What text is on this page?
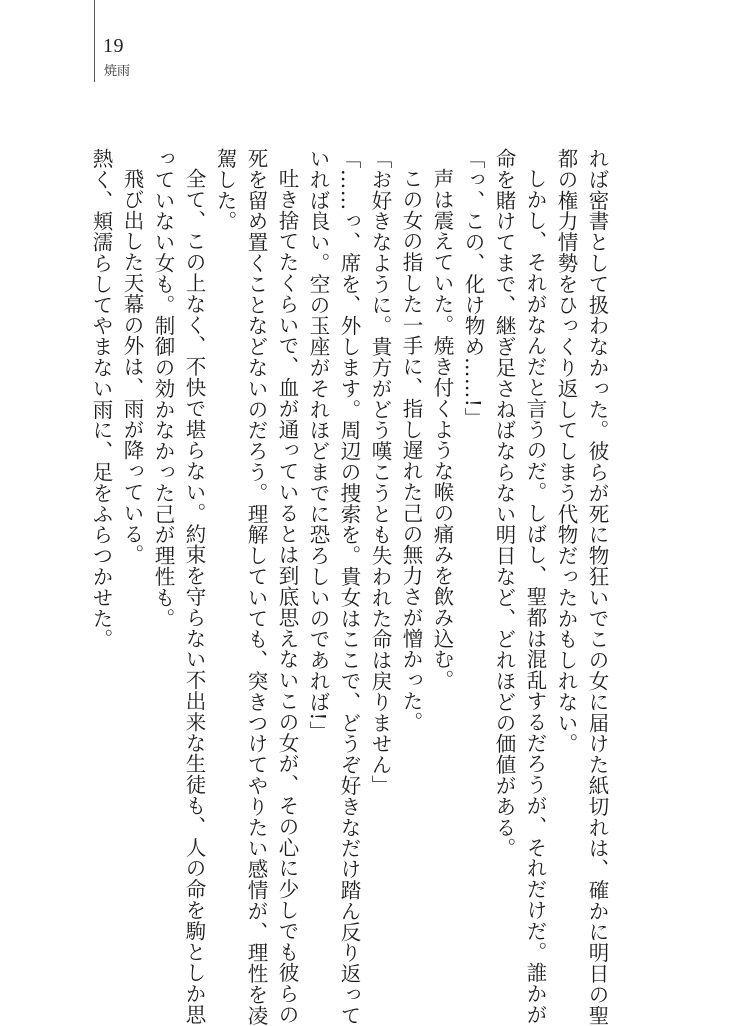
19
焼雨
れば密書として扱わなかった。彼らが死に物狂いでこの女に届けた紙切れは、確かに明日の聖
都の権力情勢をひっくり返してしまう代物だったかもしれない。
しかし、それがなんだと言うのだ。しばし、聖都は混乱するだろうが、それだけだ。誰かが
命を賭けてまで、継ぎ足さねばならない明日など、どれほどの価値がある。
「っ、この、化け物め……!」
声は震えていた。焼き付くような喉の痛みを飲み込む。
この女の指した一手に、指し遅れた己の無力さが憎かった。
「お好きなように。貴方がどう嘆こうとも失われた命は戻りません」
「……っ、席を、外します。周辺の捜索を。貴女はここで、どうぞ好きなだけ踏ん反り返って
いれば良い。空の玉座がそれほどまでに恐ろしいのであれば!」
吐き捨てたくらいで、血が通っているとは到底思えないこの女が、その心に少しでも彼らの
死を留め置くことなどないのだろう。理解していても、突きつけてやりたい感情が、理性を凌
駕した。
全て、この上なく、不快で堪らない。約束を守らない不出来な生徒も、人の命を駒としか思
っていない女も。制御の効かなかった己が理性も。
飛び出した天幕の外は、雨が降っている。
熱く、頬濡らしてやまない雨に、足をふらつかせた。
